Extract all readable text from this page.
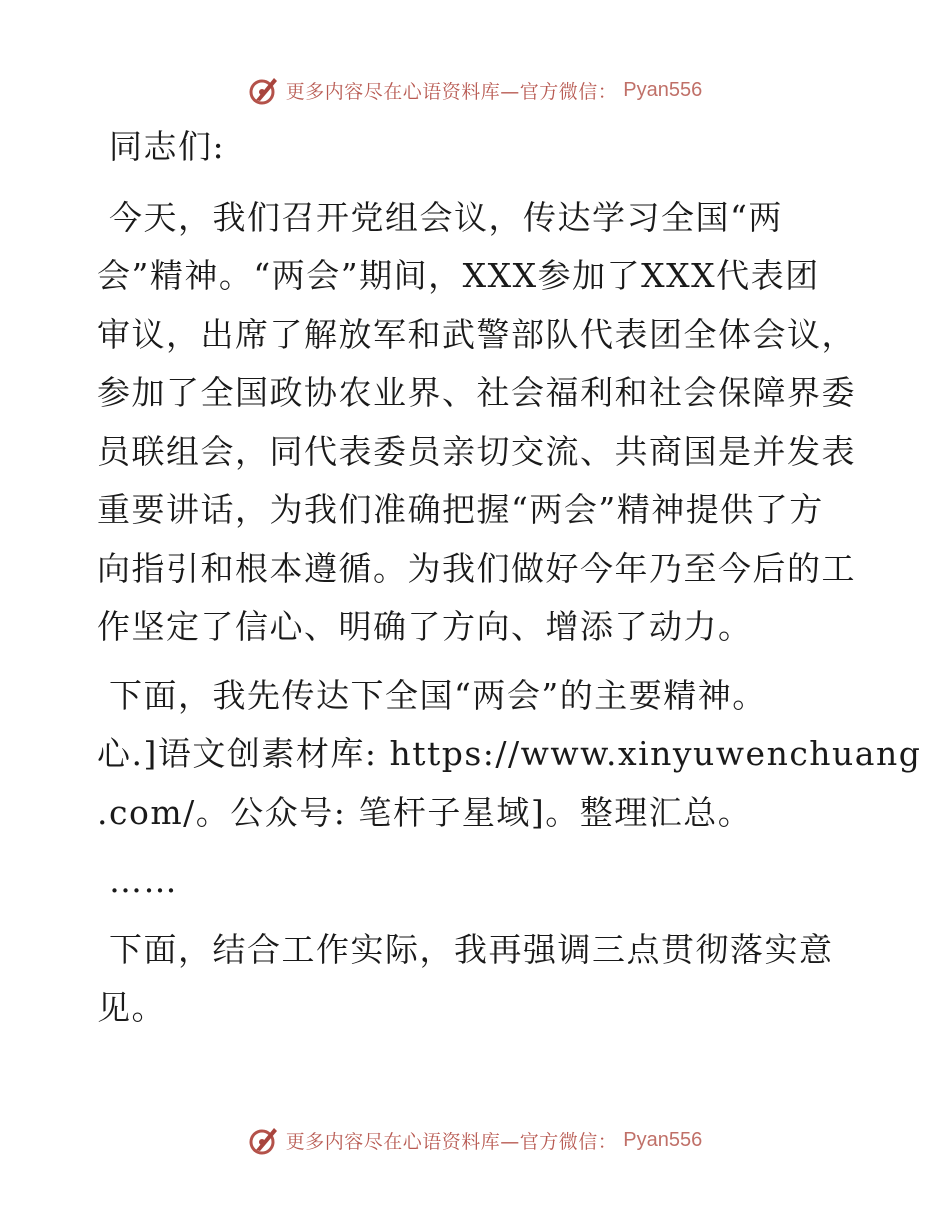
更多内容尽在心语资料库—官方微信： Pyan556

同志们:

今天，我们召开党组会议，传达学习全国“两
会”精神。“两会”期间，XXX参加了XXX代表团
审议，出席了解放军和武警部队代表团全体会议，
参加了全国政协农业界、社会福利和社会保障界委
员联组会，同代表委员亲切交流、共商国是并发表
重要讲话，为我们准确把握“两会”精神提供了方
向指引和根本遵循。为我们做好今年乃至今后的工
作坚定了信心、明确了方向、增添了动力。

下面，我先传达下全国“两会”的主要精神。
心.]语文创素材库: https://www.xinyuwenchuang
.com/。公众号: 笔杆子星域]。整理汇总。

……

下面，结合工作实际，我再强调三点贯彻落实意
见。

更多内容尽在心语资料库—官方微信： Pyan556
